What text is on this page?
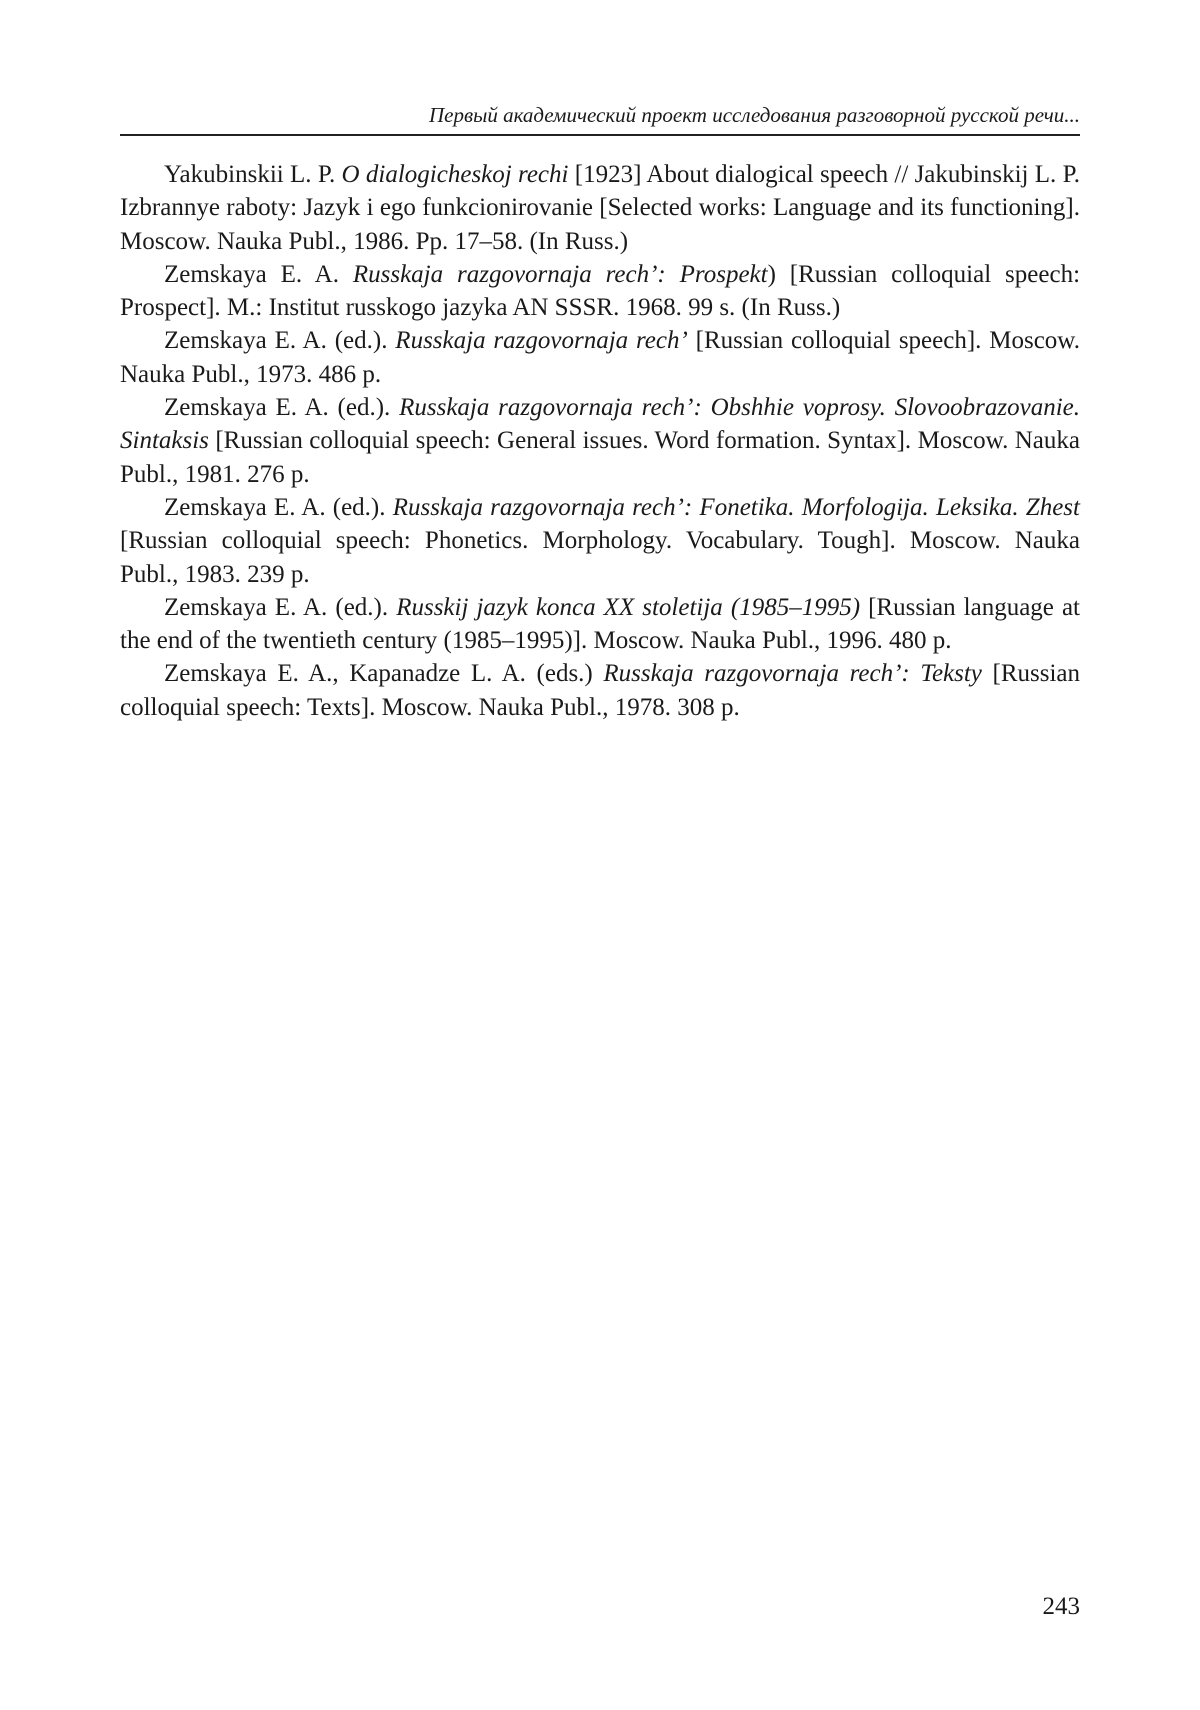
Первый академический проект исследования разговорной русской речи...

Yakubinskii L. P. O dialogicheskoj rechi [1923] About dialogical speech // Jakubinskij L. P. Izbrannye raboty: Jazyk i ego funkcionirovanie [Selected works: Language and its functioning]. Moscow. Nauka Publ., 1986. Pp. 17–58. (In Russ.)

Zemskaya E. A. Russkaja razgovornaja rech’: Prospekt) [Russian colloquial speech: Prospect]. M.: Institut russkogo jazyka AN SSSR. 1968. 99 s. (In Russ.)

Zemskaya E. A. (ed.). Russkaja razgovornaja rech’ [Russian colloquial speech]. Moscow. Nauka Publ., 1973. 486 p.

Zemskaya E. A. (ed.). Russkaja razgovornaja rech’: Obshhie voprosy. Slovoobrazovanie. Sintaksis [Russian colloquial speech: General issues. Word formation. Syntax]. Moscow. Nauka Publ., 1981. 276 p.

Zemskaya E. A. (ed.). Russkaja razgovornaja rech’: Fonetika. Morfologija. Leksika. Zhest [Russian colloquial speech: Phonetics. Morphology. Vocabulary. Tough]. Moscow. Nauka Publ., 1983. 239 p.

Zemskaya E. A. (ed.). Russkij jazyk konca XX stoletija (1985–1995) [Russian language at the end of the twentieth century (1985–1995)]. Moscow. Nauka Publ., 1996. 480 p.

Zemskaya E. A., Kapanadze L. A. (eds.) Russkaja razgovornaja rech’: Teksty [Russian colloquial speech: Texts]. Moscow. Nauka Publ., 1978. 308 p.

243
